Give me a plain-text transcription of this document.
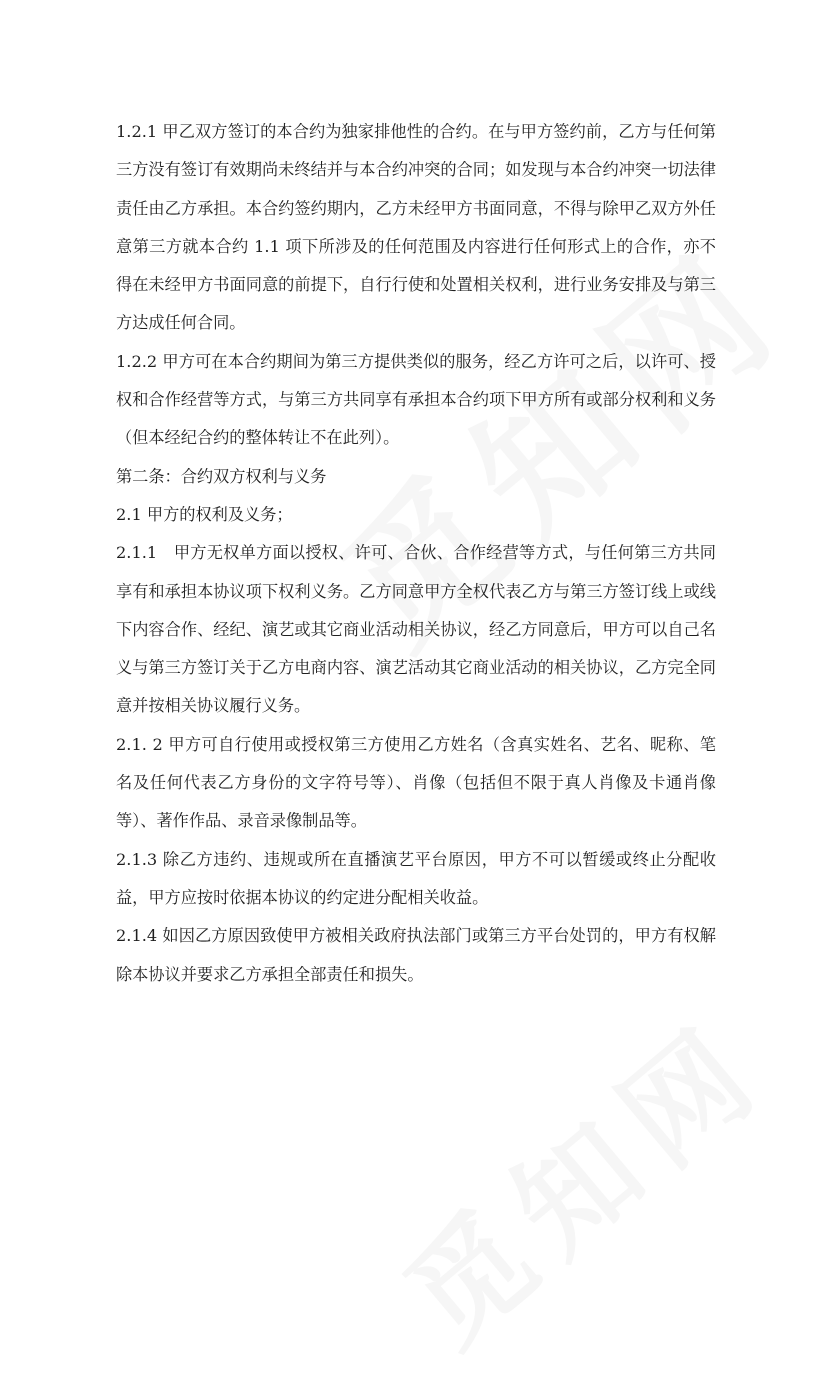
1.2.1 甲乙双方签订的本合约为独家排他性的合约。在与甲方签约前，乙方与任何第三方没有签订有效期尚未终结并与本合约冲突的合同；如发现与本合约冲突一切法律责任由乙方承担。本合约签约期内，乙方未经甲方书面同意，不得与除甲乙双方外任意第三方就本合约 1.1 项下所涉及的任何范围及内容进行任何形式上的合作，亦不得在未经甲方书面同意的前提下，自行行使和处置相关权利，进行业务安排及与第三方达成任何合同。

1.2.2 甲方可在本合约期间为第三方提供类似的服务，经乙方许可之后，以许可、授权和合作经营等方式，与第三方共同享有承担本合约项下甲方所有或部分权利和义务（但本经纪合约的整体转让不在此列）。

第二条：合约双方权利与义务

2.1 甲方的权利及义务；

2.1.1　甲方无权单方面以授权、许可、合伙、合作经营等方式，与任何第三方共同享有和承担本协议项下权利义务。乙方同意甲方全权代表乙方与第三方签订线上或线下内容合作、经纪、演艺或其它商业活动相关协议，经乙方同意后，甲方可以自己名义与第三方签订关于乙方电商内容、演艺活动其它商业活动的相关协议，乙方完全同意并按相关协议履行义务。

2.1. 2 甲方可自行使用或授权第三方使用乙方姓名（含真实姓名、艺名、昵称、笔名及任何代表乙方身份的文字符号等）、肖像（包括但不限于真人肖像及卡通肖像等）、著作作品、录音录像制品等。

2.1.3 除乙方违约、违规或所在直播演艺平台原因，甲方不可以暂缓或终止分配收益，甲方应按时依据本协议的约定进分配相关收益。

2.1.4 如因乙方原因致使甲方被相关政府执法部门或第三方平台处罚的，甲方有权解除本协议并要求乙方承担全部责任和损失。
